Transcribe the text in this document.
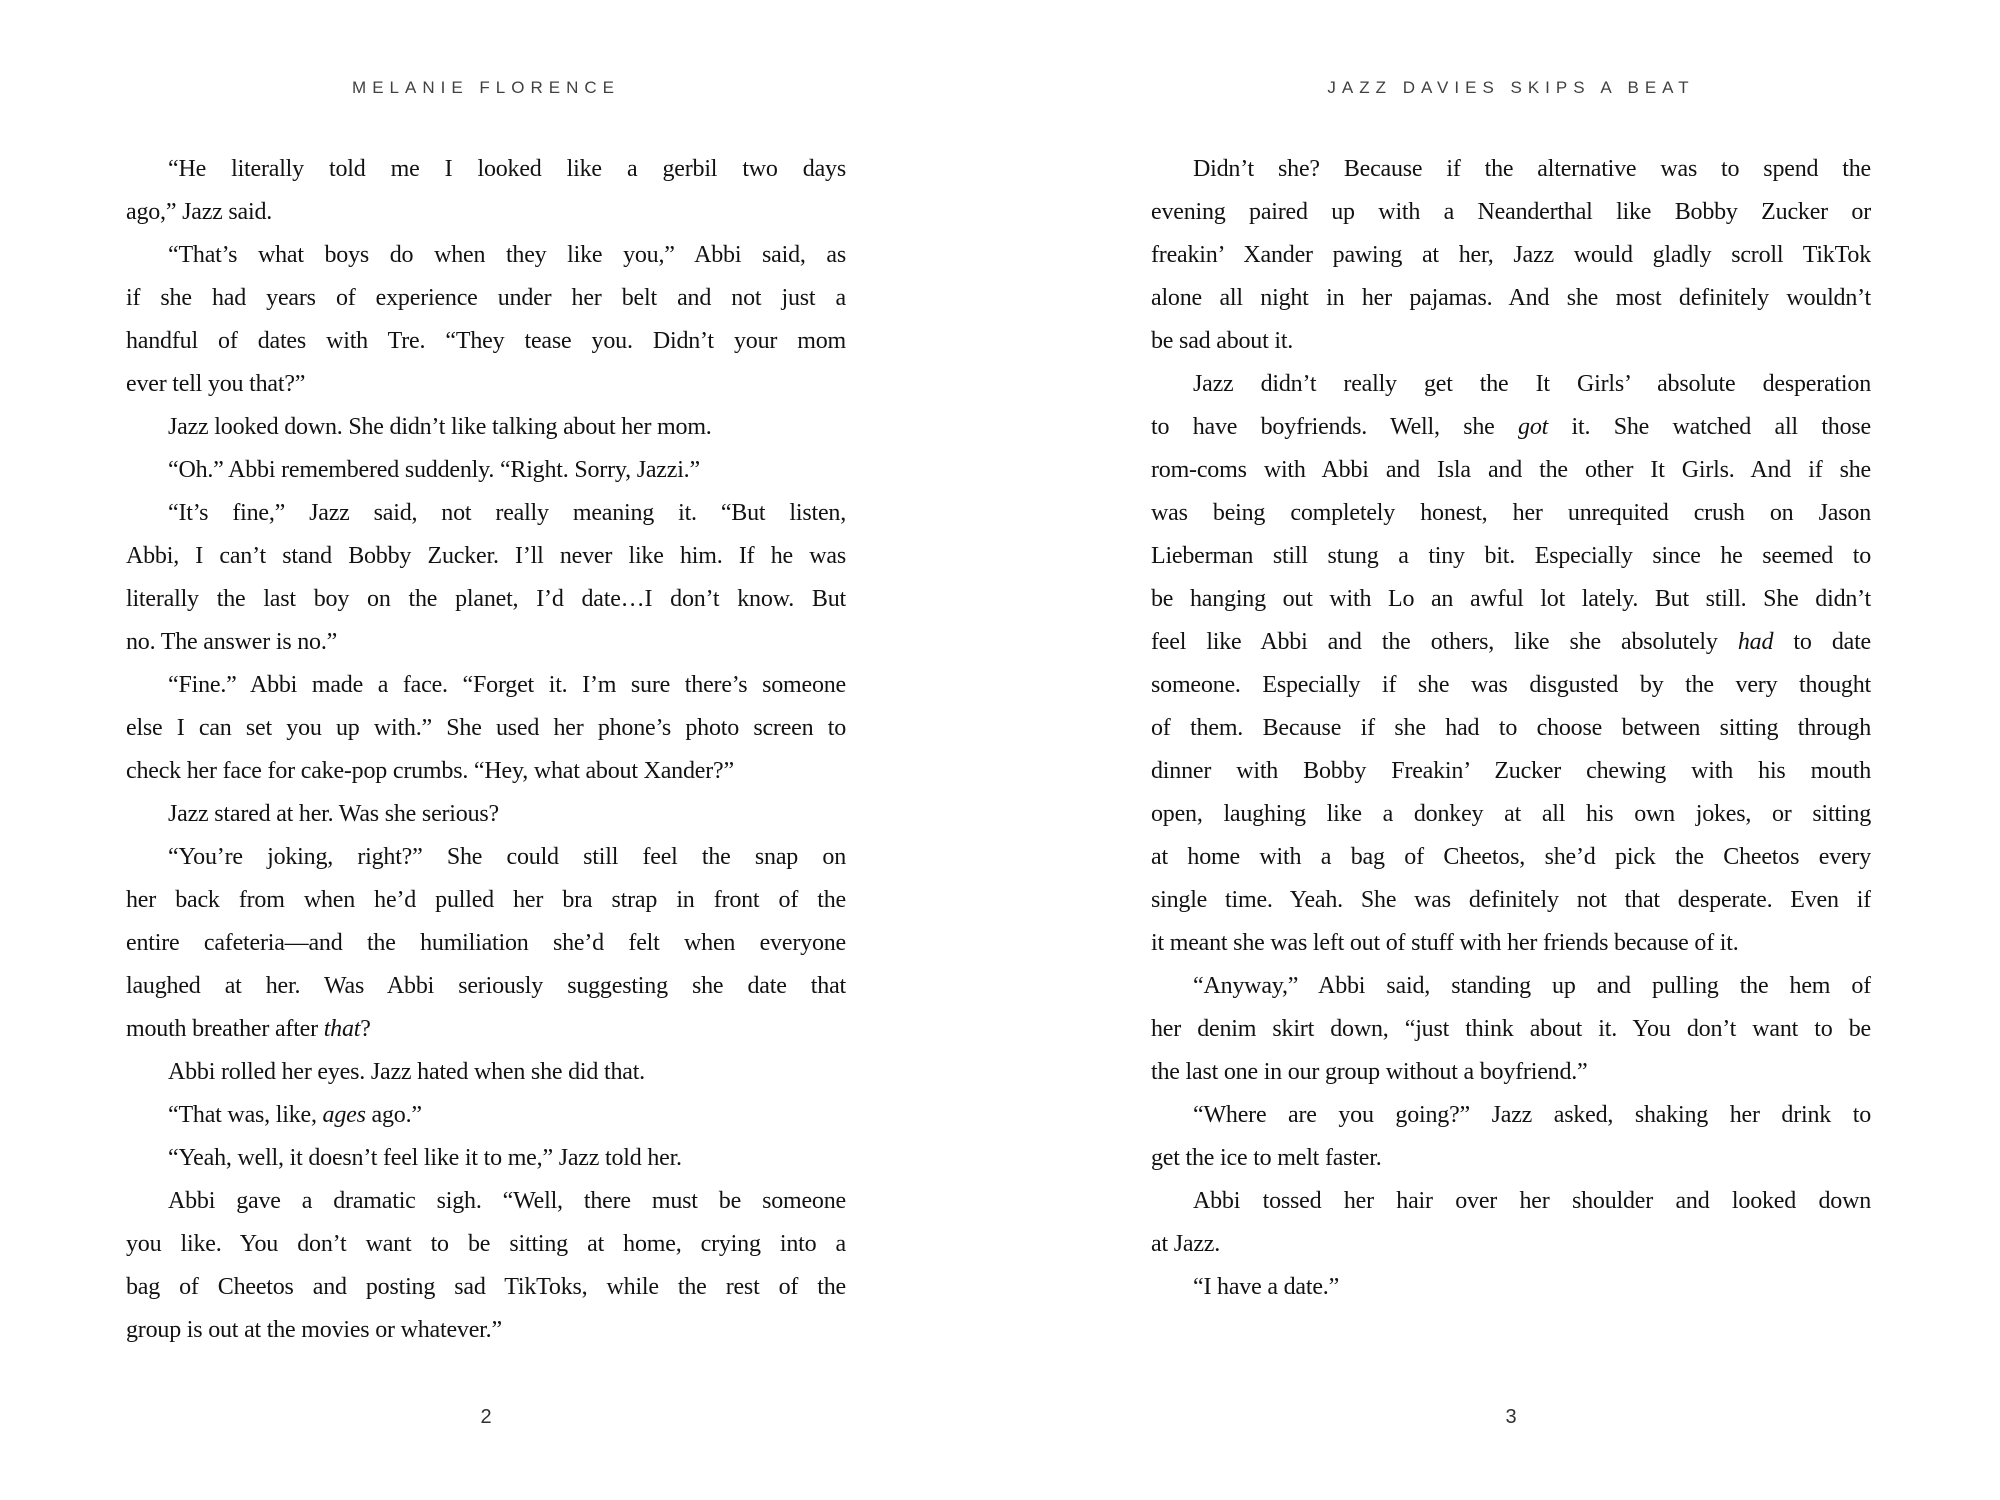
MELANIE FLORENCE
“He literally told me I looked like a gerbil two days
ago,” Jazz said.
“That’s what boys do when they like you,” Abbi said, as
if she had years of experience under her belt and not just a
handful of dates with Tre. “They tease you. Didn’t your mom
ever tell you that?”
Jazz looked down. She didn’t like talking about her mom.
“Oh.” Abbi remembered suddenly. “Right. Sorry, Jazzi.”
“It’s fine,” Jazz said, not really meaning it. “But listen,
Abbi, I can’t stand Bobby Zucker. I’ll never like him. If he was
literally the last boy on the planet, I’d date…I don’t know. But
no. The answer is no.”
“Fine.” Abbi made a face. “Forget it. I’m sure there’s someone
else I can set you up with.” She used her phone’s photo screen to
check her face for cake-pop crumbs. “Hey, what about Xander?”
Jazz stared at her. Was she serious?
“You’re joking, right?” She could still feel the snap on
her back from when he’d pulled her bra strap in front of the
entire cafeteria—and the humiliation she’d felt when everyone
laughed at her. Was Abbi seriously suggesting she date that
mouth breather after that?
Abbi rolled her eyes. Jazz hated when she did that.
“That was, like, ages ago.”
“Yeah, well, it doesn’t feel like it to me,” Jazz told her.
Abbi gave a dramatic sigh. “Well, there must be someone
you like. You don’t want to be sitting at home, crying into a
bag of Cheetos and posting sad TikToks, while the rest of the
group is out at the movies or whatever.”
2
JAZZ DAVIES SKIPS A BEAT
Didn’t she? Because if the alternative was to spend the
evening paired up with a Neanderthal like Bobby Zucker or
freakin’ Xander pawing at her, Jazz would gladly scroll TikTok
alone all night in her pajamas. And she most definitely wouldn’t
be sad about it.
Jazz didn’t really get the It Girls’ absolute desperation
to have boyfriends. Well, she got it. She watched all those
rom-coms with Abbi and Isla and the other It Girls. And if she
was being completely honest, her unrequited crush on Jason
Lieberman still stung a tiny bit. Especially since he seemed to
be hanging out with Lo an awful lot lately. But still. She didn’t
feel like Abbi and the others, like she absolutely had to date
someone. Especially if she was disgusted by the very thought
of them. Because if she had to choose between sitting through
dinner with Bobby Freakin’ Zucker chewing with his mouth
open, laughing like a donkey at all his own jokes, or sitting
at home with a bag of Cheetos, she’d pick the Cheetos every
single time. Yeah. She was definitely not that desperate. Even if
it meant she was left out of stuff with her friends because of it.
“Anyway,” Abbi said, standing up and pulling the hem of
her denim skirt down, “just think about it. You don’t want to be
the last one in our group without a boyfriend.”
“Where are you going?” Jazz asked, shaking her drink to
get the ice to melt faster.
Abbi tossed her hair over her shoulder and looked down
at Jazz.
“I have a date.”
3
